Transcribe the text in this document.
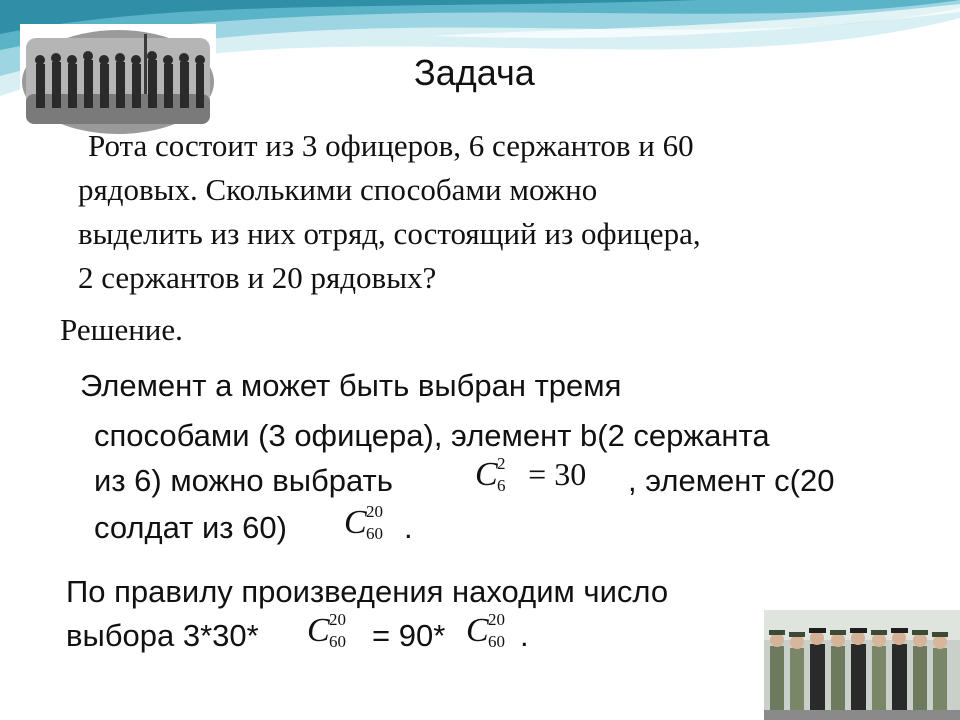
Задача
Рота состоит из 3 офицеров, 6 сержантов и 60
рядовых. Сколькими способами можно
выделить из них отряд, состоящий из офицера,
2 сержантов и 20 рядовых?
Решение.
Элемент а может быть выбран тремя
способами (3 офицера), элемент b(2 сержанта
из 6) можно выбрать C 2
6 = 30 , элемент c(20
солдат из 60) C 20
60 .
По правилу произведения находим число
выбора 3*30* C 20
60 = 90* C 20
60 .
